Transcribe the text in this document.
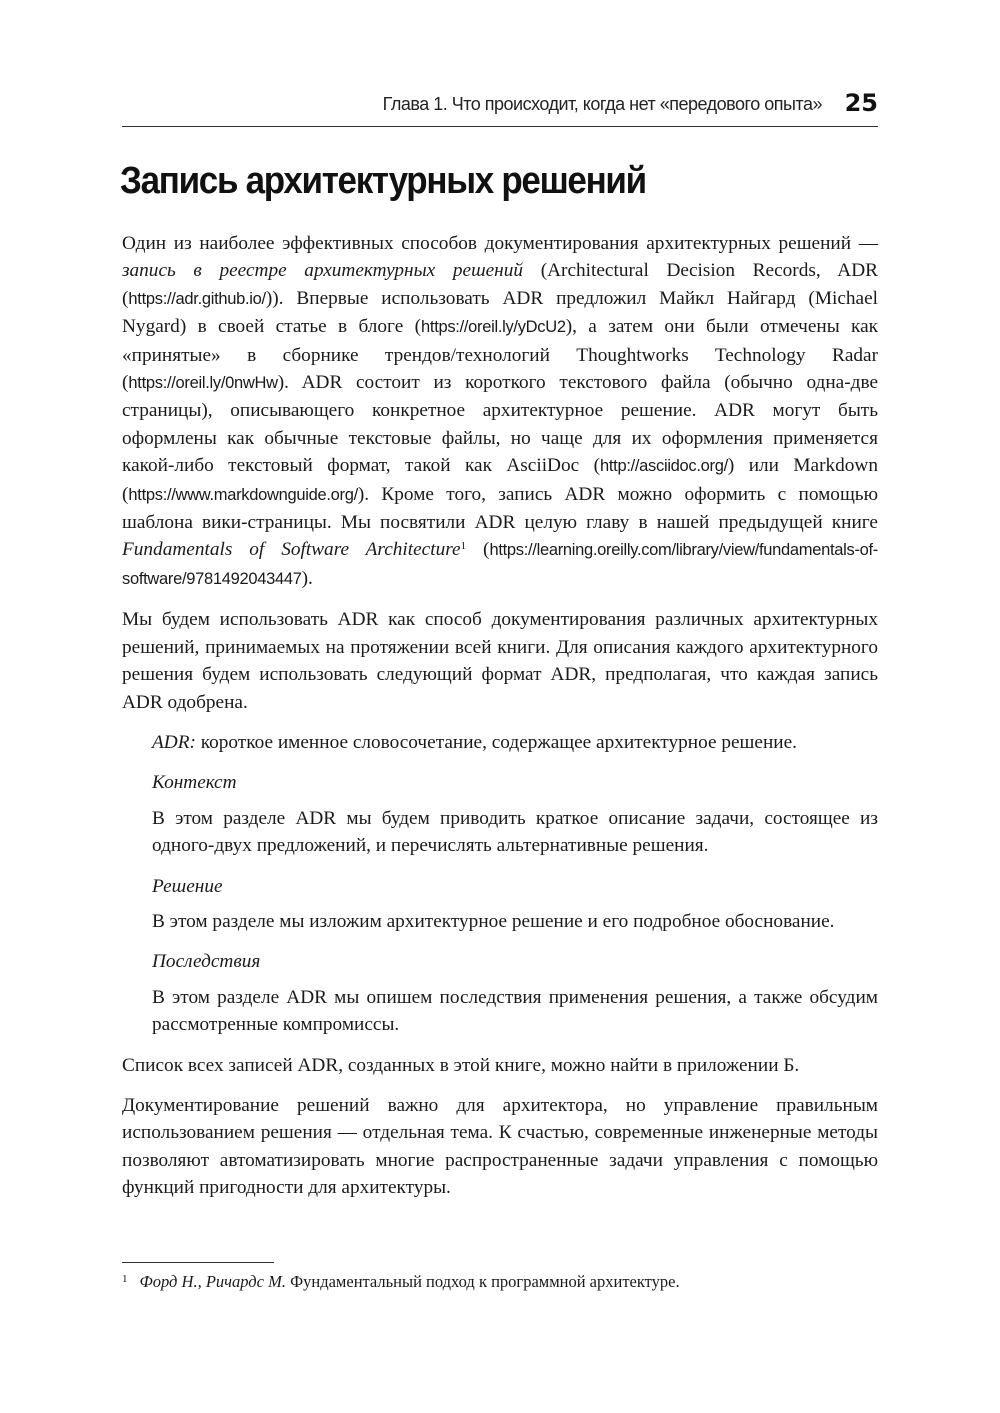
Глава 1. Что происходит, когда нет «передового опыта» 25
Запись архитектурных решений

Один из наиболее эффективных способов документирования архитектурных решений — запись в реестре архитектурных решений (Architectural Decision Records, ADR (https://adr.github.io/)). Впервые использовать ADR предложил Майкл Найгард (Michael Nygard) в своей статье в блоге (https://oreil.ly/yDcU2), а затем они были отмечены как «принятые» в сборнике трендов/технологий Thoughtworks Technology Radar (https://oreil.ly/0nwHw). ADR состоит из короткого текстового файла (обычно одна-две страницы), описывающего конкретное архитектурное решение. ADR могут быть оформлены как обычные текстовые файлы, но чаще для их оформления применяется какой-либо текстовый формат, такой как AsciiDoc (http://asciidoc.org/) или Markdown (https://www.markdownguide.org/). Кроме того, запись ADR можно оформить с помощью шаблона вики-страницы. Мы посвятили ADR целую главу в нашей предыдущей книге Fundamentals of Software Architecture$^1$ (https://learning.oreilly.com/library/view/fundamentals-of-software/9781492043447).

Мы будем использовать ADR как способ документирования различных архитектурных решений, принимаемых на протяжении всей книги. Для описания каждого архитектурного решения будем использовать следующий формат ADR, предполагая, что каждая запись ADR одобрена.

ADR: короткое именное словосочетание, содержащее архитектурное решение.

Контекст

В этом разделе ADR мы будем приводить краткое описание задачи, состоящее из одного-двух предложений, и перечислять альтернативные решения.

Решение

В этом разделе мы изложим архитектурное решение и его подробное обоснование.

Последствия

В этом разделе ADR мы опишем последствия применения решения, а также обсудим рассмотренные компромиссы.

Список всех записей ADR, созданных в этой книге, можно найти в приложении Б.

Документирование решений важно для архитектора, но управление правильным использованием решения — отдельная тема. К счастью, современные инженерные методы позволяют автоматизировать многие распространенные задачи управления с помощью функций пригодности для архитектуры.

$^1$ Форд Н., Ричардс М. Фундаментальный подход к программной архитектуре.
